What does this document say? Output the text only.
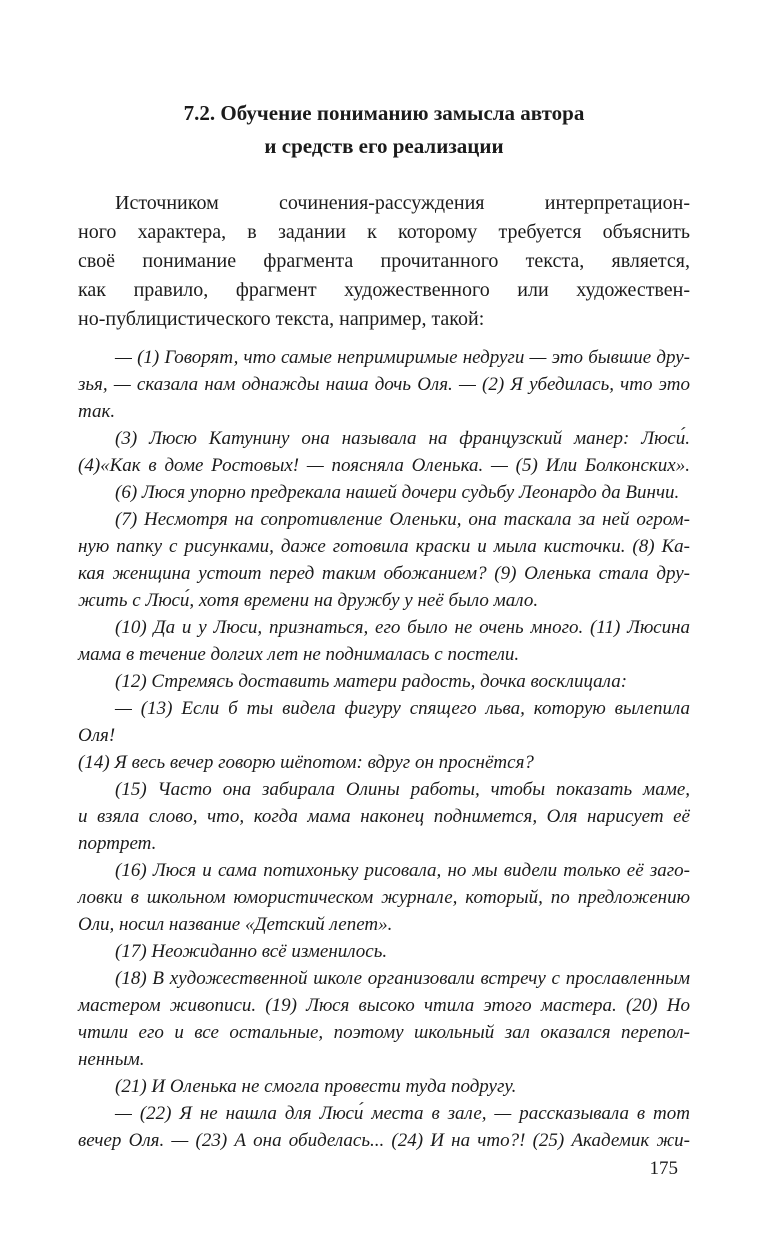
7.2. Обучение пониманию замысла автора
и средств его реализации
Источником сочинения-рассуждения интерпретацион-
ного характера, в задании к которому требуется объяснить
своё понимание фрагмента прочитанного текста, является,
как правило, фрагмент художественного или художествен-
но-публицистического текста, например, такой:
— (1) Говорят, что самые непримиримые недруги — это бывшие дру-
зья, — сказала нам однажды наша дочь Оля. — (2) Я убедилась, что это
так.
(3) Люсю Катунину она называла на французский манер: Люси́.
(4)«Как в доме Ростовых! — поясняла Оленька. — (5) Или Болконских».
(6) Люся упорно предрекала нашей дочери судьбу Леонардо да Винчи.
(7) Несмотря на сопротивление Оленьки, она таскала за ней огром-
ную папку с рисунками, даже готовила краски и мыла кисточки. (8) Ка-
кая женщина устоит перед таким обожанием? (9) Оленька стала дру-
жить с Люси́, хотя времени на дружбу у неё было мало.
(10) Да и у Люси, признаться, его было не очень много. (11) Люсина
мама в течение долгих лет не поднималась с постели.
(12) Стремясь доставить матери радость, дочка восклицала:
— (13) Если б ты видела фигуру спящего льва, которую вылепила Оля!
(14) Я весь вечер говорю шёпотом: вдруг он проснётся?
(15) Часто она забирала Олины работы, чтобы показать маме,
и взяла слово, что, когда мама наконец поднимется, Оля нарисует её
портрет.
(16) Люся и сама потихоньку рисовала, но мы видели только её заго-
ловки в школьном юмористическом журнале, который, по предложению
Оли, носил название «Детский лепет».
(17) Неожиданно всё изменилось.
(18) В художественной школе организовали встречу с прославленным
мастером живописи. (19) Люся высоко чтила этого мастера. (20) Но
чтили его и все остальные, поэтому школьный зал оказался перепол-
ненным.
(21) И Оленька не смогла провести туда подругу.
— (22) Я не нашла для Люси́ места в зале, — рассказывала в тот
вечер Оля. — (23) А она обиделась... (24) И на что?! (25) Академик жи-
175
